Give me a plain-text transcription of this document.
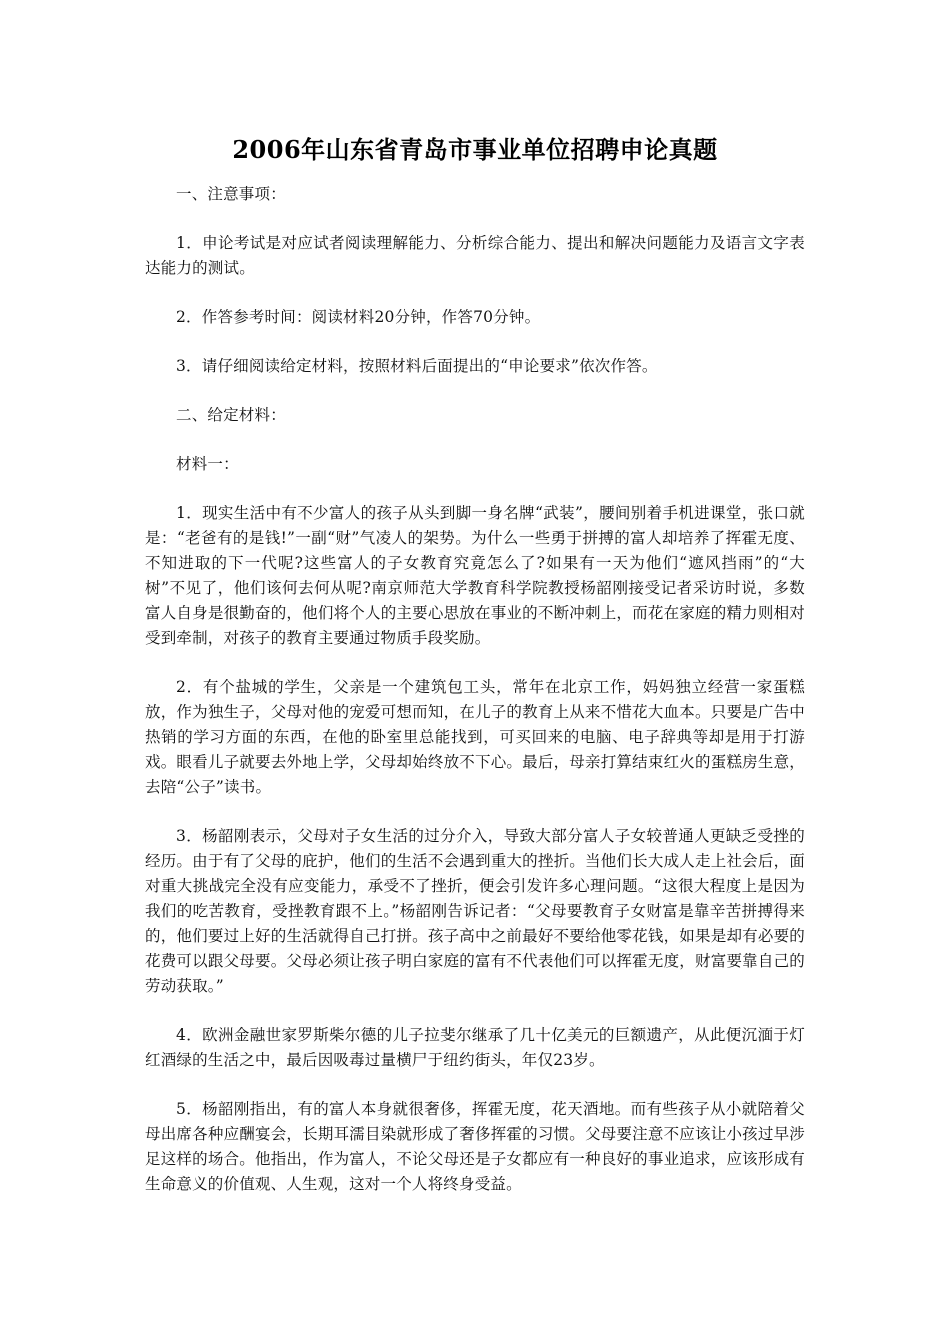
2006年山东省青岛市事业单位招聘申论真题

一、注意事项：

1．申论考试是对应试者阅读理解能力、分析综合能力、提出和解决问题能力及语言文字表达能力的测试。

2．作答参考时间：阅读材料20分钟，作答70分钟。

3．请仔细阅读给定材料，按照材料后面提出的“申论要求”依次作答。

二、给定材料：

材料一：

1．现实生活中有不少富人的孩子从头到脚一身名牌“武装”，腰间别着手机进课堂，张口就是：“老爸有的是钱!”一副“财”气凌人的架势。为什么一些勇于拼搏的富人却培养了挥霍无度、不知进取的下一代呢?这些富人的子女教育究竟怎么了?如果有一天为他们“遮风挡雨”的“大树”不见了，他们该何去何从呢?南京师范大学教育科学院教授杨韶刚接受记者采访时说，多数富人自身是很勤奋的，他们将个人的主要心思放在事业的不断冲刺上，而花在家庭的精力则相对受到牵制，对孩子的教育主要通过物质手段奖励。

2．有个盐城的学生，父亲是一个建筑包工头，常年在北京工作，妈妈独立经营一家蛋糕放，作为独生子，父母对他的宠爱可想而知，在儿子的教育上从来不惜花大血本。只要是广告中热销的学习方面的东西，在他的卧室里总能找到，可买回来的电脑、电子辞典等却是用于打游戏。眼看儿子就要去外地上学，父母却始终放不下心。最后，母亲打算结束红火的蛋糕房生意，去陪“公子”读书。

3．杨韶刚表示，父母对子女生活的过分介入，导致大部分富人子女较普通人更缺乏受挫的经历。由于有了父母的庇护，他们的生活不会遇到重大的挫折。当他们长大成人走上社会后，面对重大挑战完全没有应变能力，承受不了挫折，便会引发许多心理问题。“这很大程度上是因为我们的吃苦教育，受挫教育跟不上。”杨韶刚告诉记者：“父母要教育子女财富是靠辛苦拼搏得来的，他们要过上好的生活就得自己打拼。孩子高中之前最好不要给他零花钱，如果是却有必要的花费可以跟父母要。父母必须让孩子明白家庭的富有不代表他们可以挥霍无度，财富要靠自己的劳动获取。”

4．欧洲金融世家罗斯柴尔德的儿子拉斐尔继承了几十亿美元的巨额遗产，从此便沉湎于灯红酒绿的生活之中，最后因吸毒过量横尸于纽约街头，年仅23岁。

5．杨韶刚指出，有的富人本身就很奢侈，挥霍无度，花天酒地。而有些孩子从小就陪着父母出席各种应酬宴会，长期耳濡目染就形成了奢侈挥霍的习惯。父母要注意不应该让小孩过早涉足这样的场合。他指出，作为富人，不论父母还是子女都应有一种良好的事业追求，应该形成有生命意义的价值观、人生观，这对一个人将终身受益。
